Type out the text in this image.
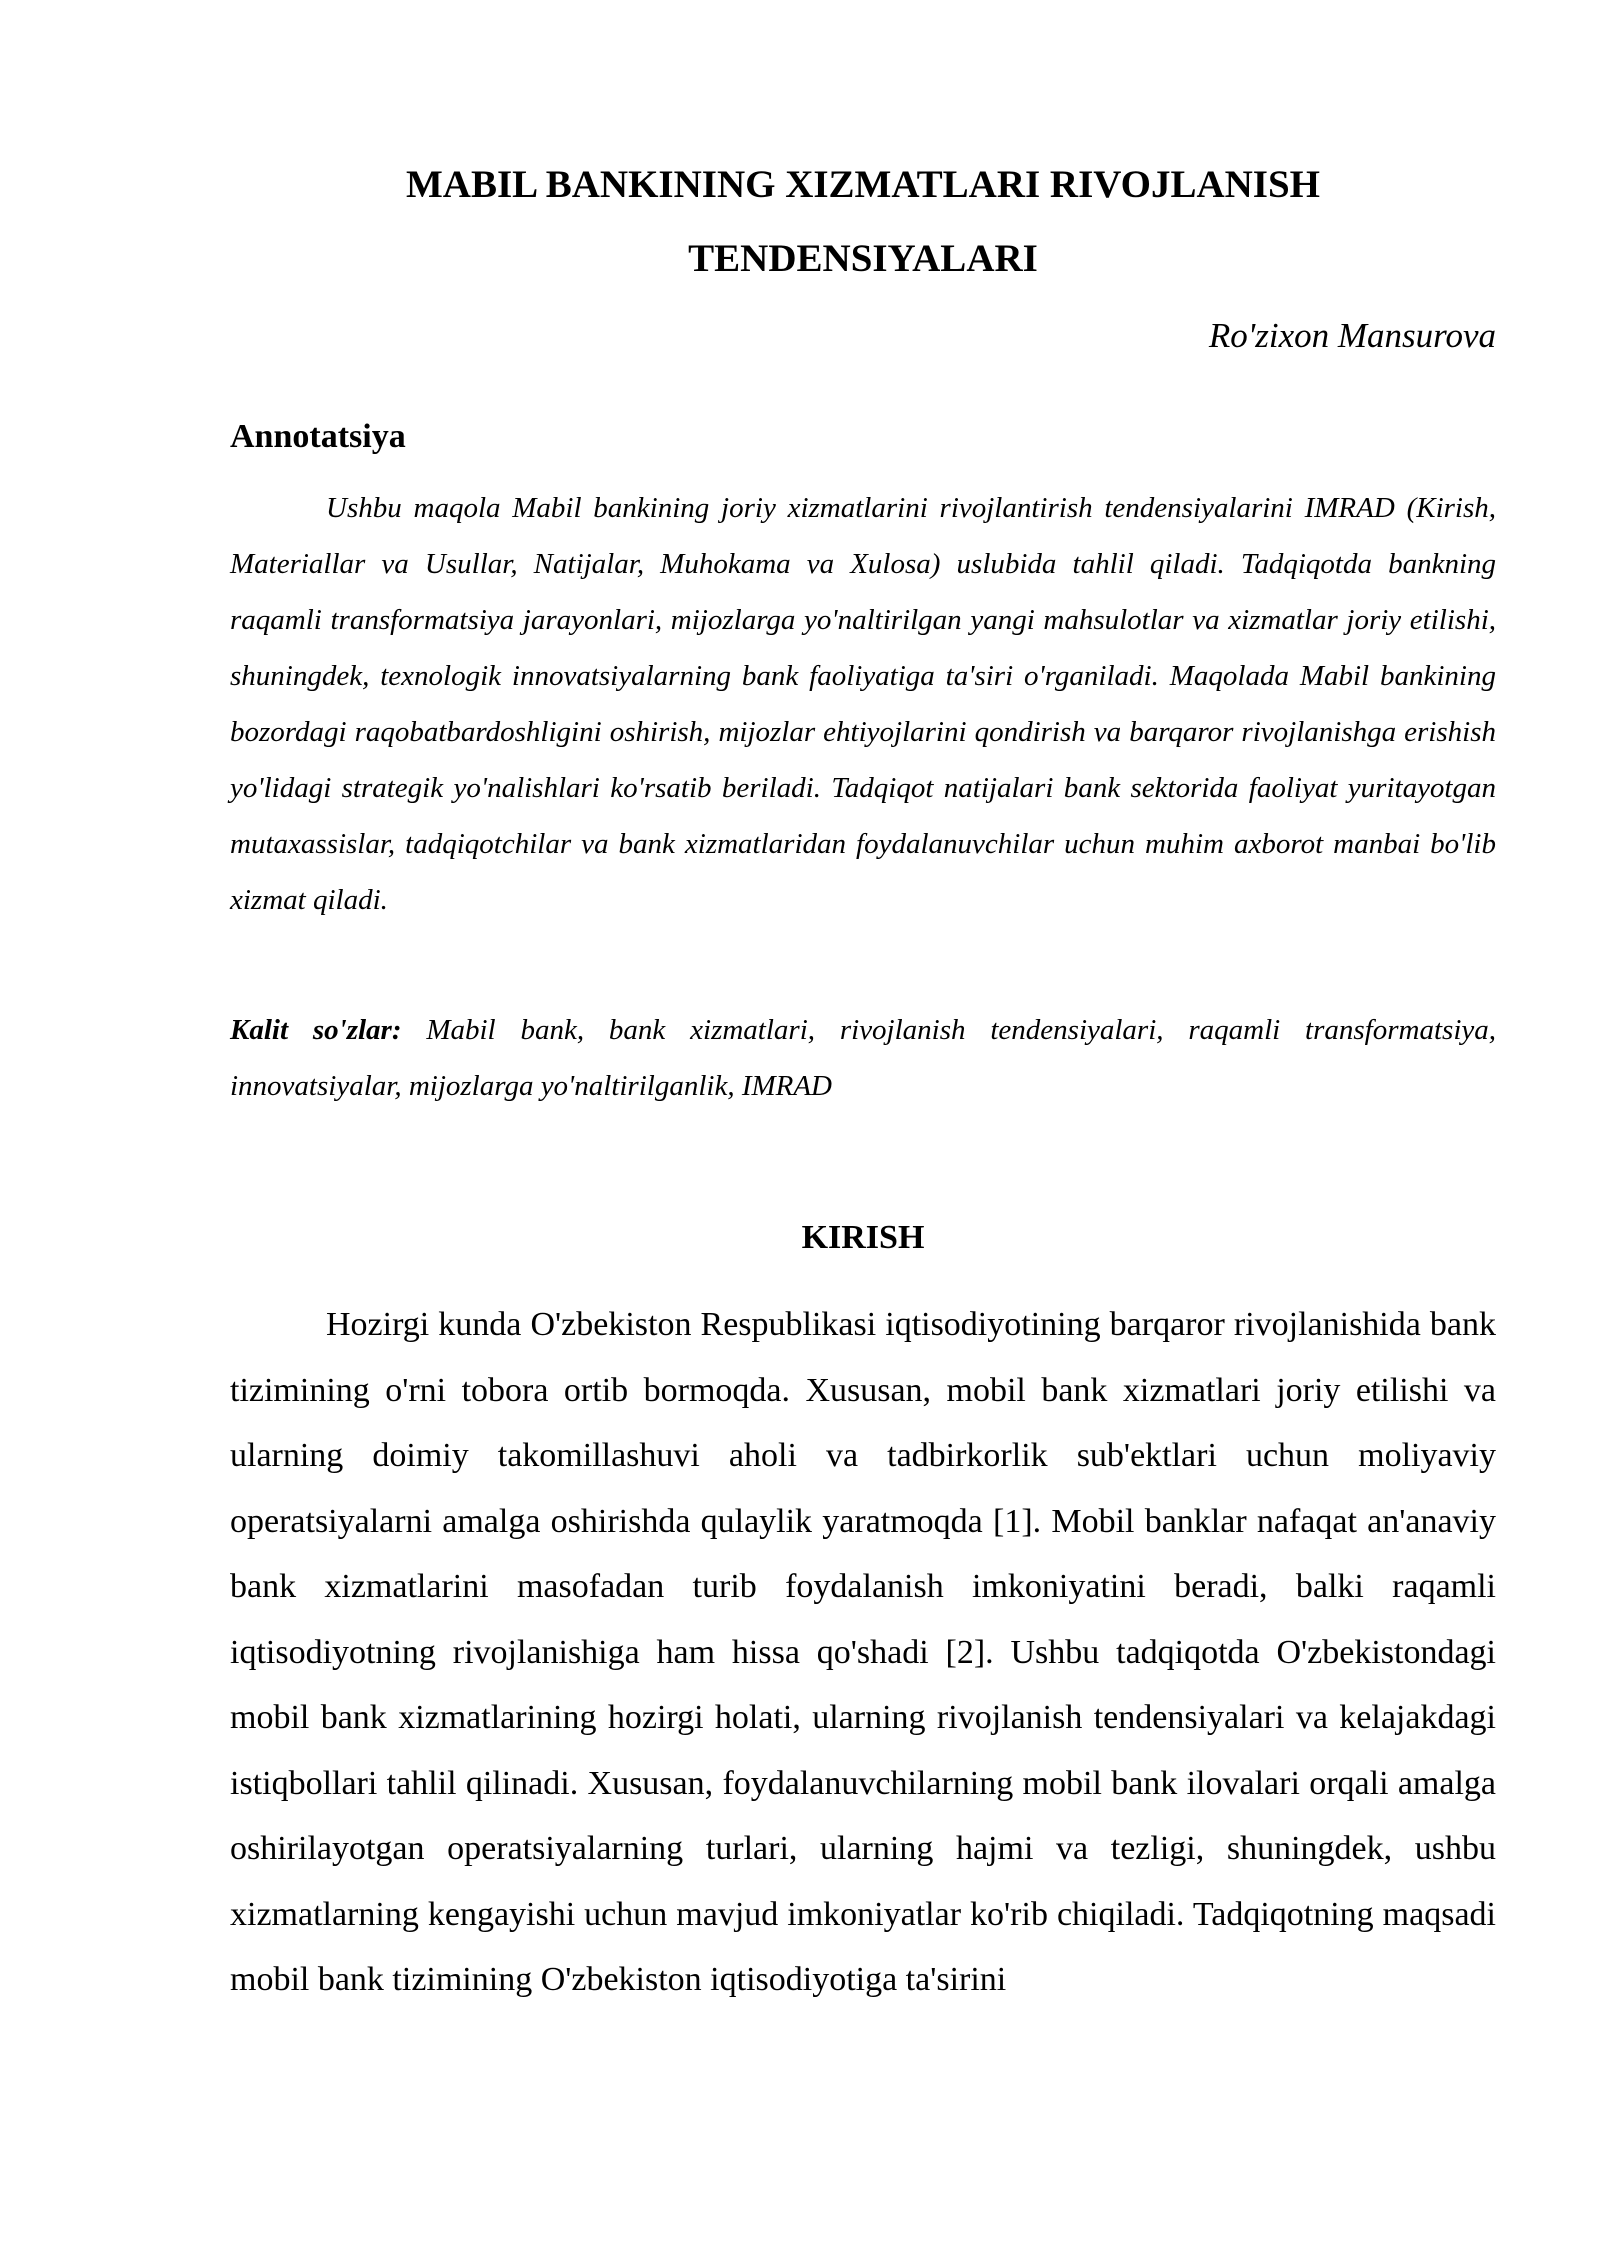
MABIL BANKINING XIZMATLARI RIVOJLANISH TENDENSIYALARI
Ro'zixon Mansurova
Annotatsiya

Ushbu maqola Mabil bankining joriy xizmatlarini rivojlantirish tendensiyalarini IMRAD (Kirish, Materiallar va Usullar, Natijalar, Muhokama va Xulosa) uslubida tahlil qiladi. Tadqiqotda bankning raqamli transformatsiya jarayonlari, mijozlarga yo'naltirilgan yangi mahsulotlar va xizmatlar joriy etilishi, shuningdek, texnologik innovatsiyalarning bank faoliyatiga ta'siri o'rganiladi. Maqolada Mabil bankining bozordagi raqobatbardoshligini oshirish, mijozlar ehtiyojlarini qondirish va barqaror rivojlanishga erishish yo'lidagi strategik yo'nalishlari ko'rsatib beriladi. Tadqiqot natijalari bank sektorida faoliyat yuritayotgan mutaxassislar, tadqiqotchilar va bank xizmatlaridan foydalanuvchilar uchun muhim axborot manbai bo'lib xizmat qiladi.

Kalit so'zlar: Mabil bank, bank xizmatlari, rivojlanish tendensiyalari, raqamli transformatsiya, innovatsiyalar, mijozlarga yo'naltirilganlik, IMRAD

KIRISH

Hozirgi kunda O'zbekiston Respublikasi iqtisodiyotining barqaror rivojlanishida bank tizimining o'rni tobora ortib bormoqda. Xususan, mobil bank xizmatlari joriy etilishi va ularning doimiy takomillashuvi aholi va tadbirkorlik sub'ektlari uchun moliyaviy operatsiyalarni amalga oshirishda qulaylik yaratmoqda [1]. Mobil banklar nafaqat an'anaviy bank xizmatlarini masofadan turib foydalanish imkoniyatini beradi, balki raqamli iqtisodiyotning rivojlanishiga ham hissa qo'shadi [2]. Ushbu tadqiqotda O'zbekistondagi mobil bank xizmatlarining hozirgi holati, ularning rivojlanish tendensiyalari va kelajakdagi istiqbollari tahlil qilinadi. Xususan, foydalanuvchilarning mobil bank ilovalari orqali amalga oshirilayotgan operatsiyalarning turlari, ularning hajmi va tezligi, shuningdek, ushbu xizmatlarning kengayishi uchun mavjud imkoniyatlar ko'rib chiqiladi. Tadqiqotning maqsadi mobil bank tizimining O'zbekiston iqtisodiyotiga ta'sirini
